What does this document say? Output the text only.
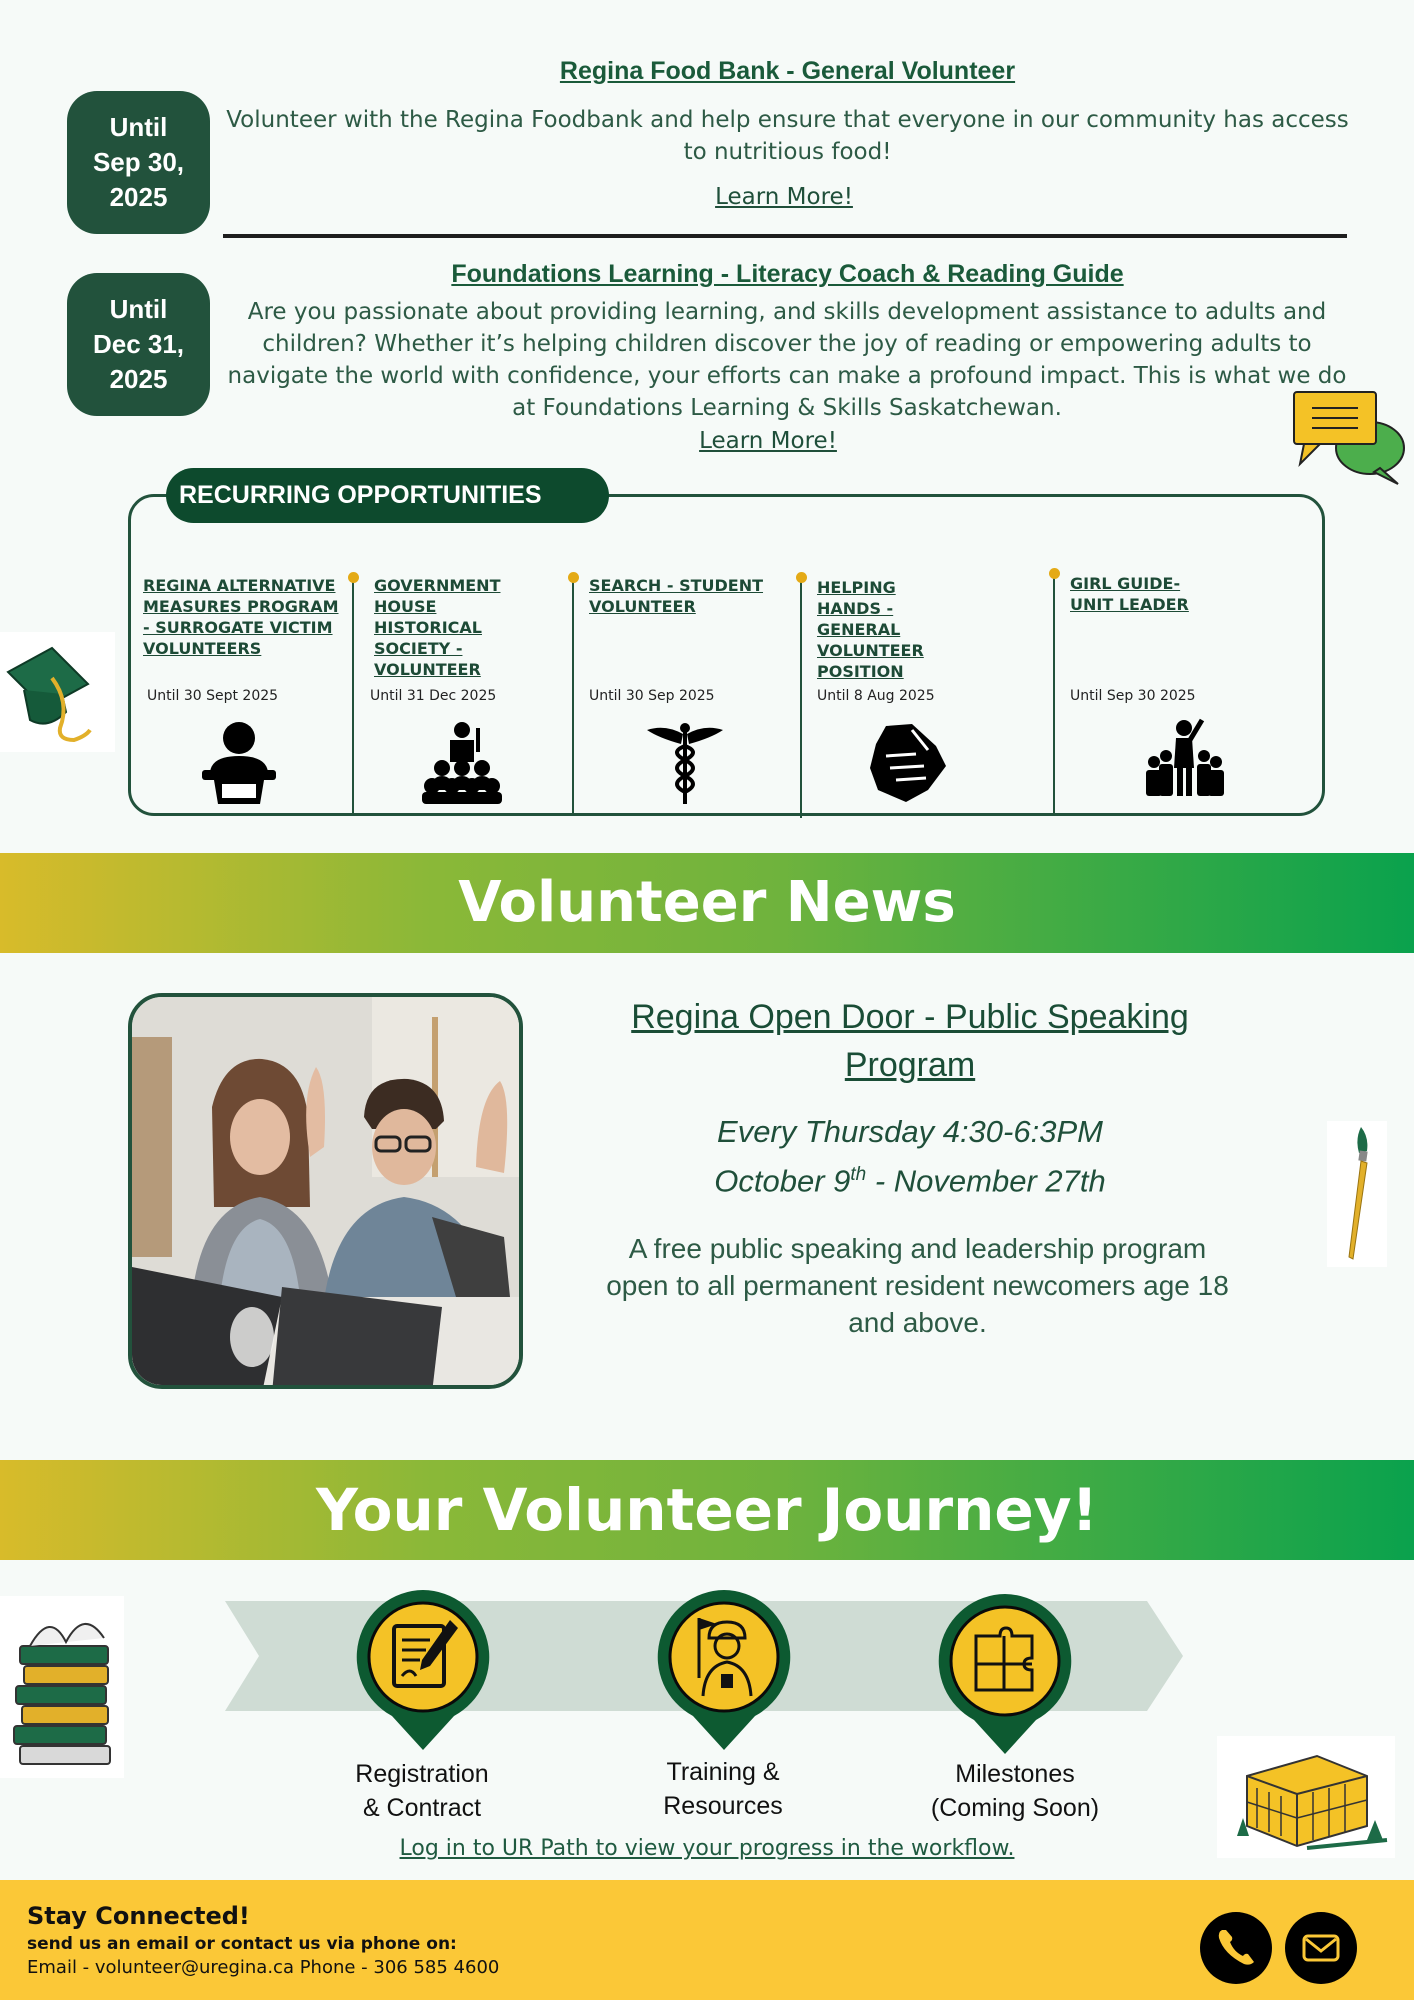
Until
Sep 30,
2025
Regina Food Bank - General Volunteer
Volunteer with the Regina Foodbank and help ensure that everyone in our community has access to nutritious food!
Learn More!
Until
Dec 31,
2025
Foundations Learning - Literacy Coach & Reading Guide
Are you passionate about providing learning, and skills development assistance to adults and children? Whether it’s helping children discover the joy of reading or empowering adults to navigate the world with confidence, your efforts can make a profound impact. This is what we do at Foundations Learning & Skills Saskatchewan.
Learn More!
RECURRING OPPORTUNITIES
REGINA ALTERNATIVE MEASURES PROGRAM - SURROGATE VICTIM VOLUNTEERS
Until 30 Sept 2025
GOVERNMENT HOUSE HISTORICAL SOCIETY - VOLUNTEER
Until 31 Dec 2025
SEARCH - STUDENT VOLUNTEER
Until 30 Sep 2025
HELPING HANDS - GENERAL VOLUNTEER POSITION
Until 8 Aug 2025
GIRL GUIDE- UNIT LEADER
Until Sep 30 2025
Volunteer News
Regina Open Door - Public Speaking Program
Every Thursday 4:30-6:3PM
October 9th - November 27th
A free public speaking and leadership program open to all permanent resident newcomers age 18 and above.
Your Volunteer Journey!
Registration
& Contract
Training &
Resources
Milestones
(Coming Soon)
Log in to UR Path to view your progress in the workflow.
Stay Connected!
send us an email or contact us via phone on:
Email - volunteer@uregina.ca Phone - 306 585 4600
